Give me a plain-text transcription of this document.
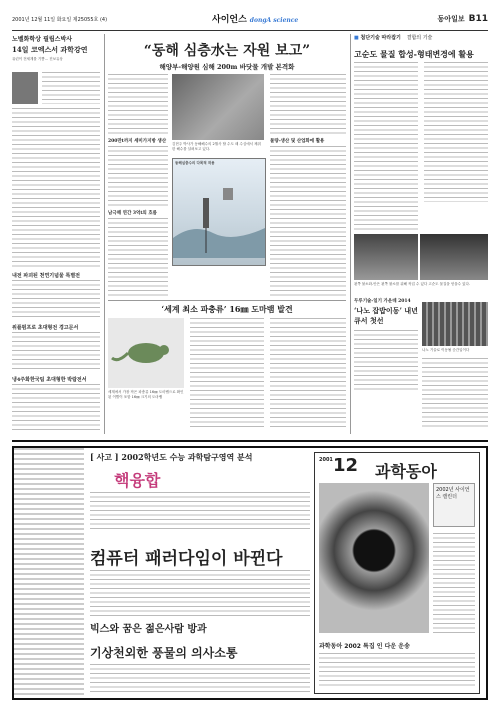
2001년 12월 11일 화요일 제25055호 (4)	사이언스 dongA science	동아일보 B11
노벨화학상 필립스박사
14일 코엑스서 과학강연
퓨린이 전세계를 기쁨… 진보유상
내전 파괴된 천연기념물 특별전
위플펌프로 초대형전 경고문서
냉4주화한국팀 초대형한 박람전서
“동해 심층水는 자원 보고”
해양부-해양원 심해 200m 바닷물 개발 본격화
200만t까지 세미가지방 생산
남극해 연간 3억t의 흐름
김현주 박사가 동해해수의 2월사 할 수도 때 수심에서 채취한 해수를 살펴보고 있다.
동해심층수의 다목적 작용
물량-생산 및 산업화에 활용
■ 첨단기술 따라잡기 결합의 기술
고순도 물질 합성-형태변경에 활용
왼쪽 불소화-안은 왼쪽 불소를 위해 작업 수 있다 고순도 물질을 얻을수 있다.
두루기술-일기 가운데 2014
‘나노 잡밥이동’ 내년 큐서 첫선
나노 기술로 이동될 순간입이다
‘세계 최소 파충류’ 16㎜ 도마뱀 발견
세계에서 가장 작은 파충류 16㎜ 도마뱀으로 확인된 이빨이 포함 16㎜ 크기의 도마뱀
[ 사고 ] 2002학년도 수능 과학탐구영역 분석
핵융합
컴퓨터 패러다임이 바뀐다
빅스와 꿈은 젊은사람 방과
기상천외한 풍물의 의사소통
2001 12 과학동아
2002년 사이언스 캘린더
과학동아 2002 특집 인 다운 운송
